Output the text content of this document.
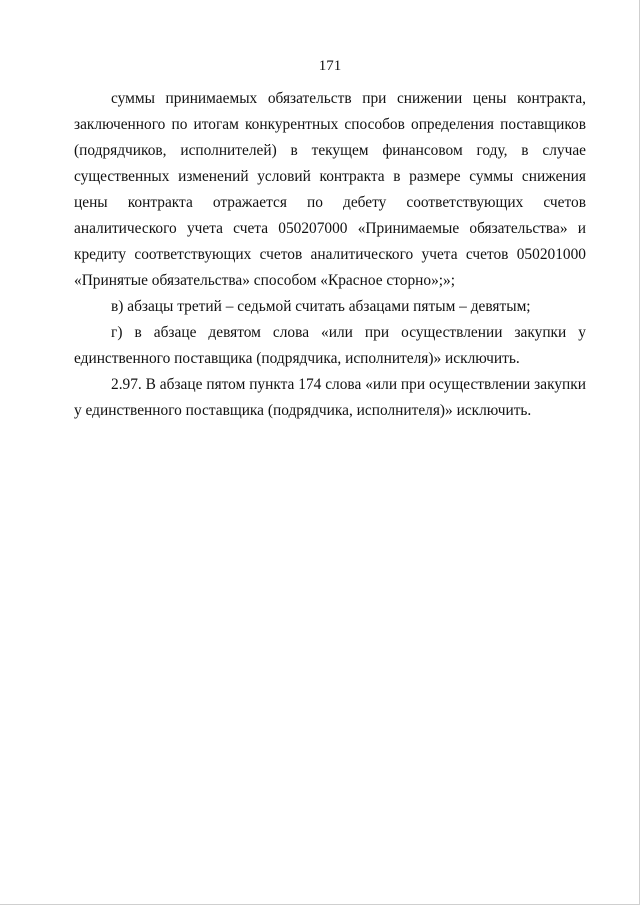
171

суммы принимаемых обязательств при снижении цены контракта, заключенного по итогам конкурентных способов определения поставщиков (подрядчиков, исполнителей) в текущем финансовом году, в случае существенных изменений условий контракта в размере суммы снижения цены контракта отражается по дебету соответствующих счетов аналитического учета счета 050207000 «Принимаемые обязательства» и кредиту соответствующих счетов аналитического учета счетов 050201000 «Принятые обязательства» способом «Красное сторно»;»;

в) абзацы третий – седьмой считать абзацами пятым – девятым;

г) в абзаце девятом слова «или при осуществлении закупки у единственного поставщика (подрядчика, исполнителя)» исключить.

2.97. В абзаце пятом пункта 174 слова «или при осуществлении закупки у единственного поставщика (подрядчика, исполнителя)» исключить.
